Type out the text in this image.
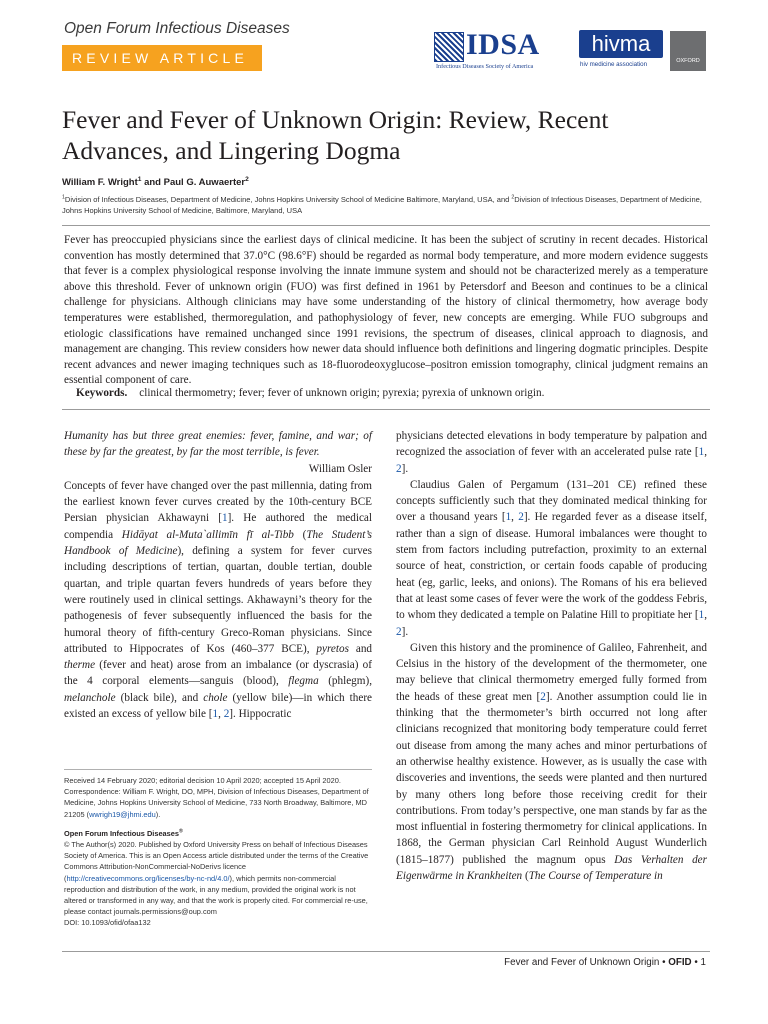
Open Forum Infectious Diseases
REVIEW ARTICLE	IDSA
Infectious Diseases Society of America
hivma
hiv medicine association	OXFORD
Fever and Fever of Unknown Origin: Review, Recent Advances, and Lingering Dogma
William F. Wright$^1$ and Paul G. Auwaerter$^2$
$^1$Division of Infectious Diseases, Department of Medicine, Johns Hopkins University School of Medicine Baltimore, Maryland, USA, and $^2$Division of Infectious Diseases, Department of Medicine, Johns Hopkins University School of Medicine, Baltimore, Maryland, USA
Fever has preoccupied physicians since the earliest days of clinical medicine. It has been the subject of scrutiny in recent decades. Historical convention has mostly determined that 37.0°C (98.6°F) should be regarded as normal body temperature, and more modern evidence suggests that fever is a complex physiological response involving the innate immune system and should not be characterized merely as a temperature above this threshold. Fever of unknown origin (FUO) was first defined in 1961 by Petersdorf and Beeson and continues to be a clinical challenge for physicians. Although clinicians may have some understanding of the history of clinical thermometry, how average body temperatures were established, thermoregulation, and pathophysiology of fever, new concepts are emerging. While FUO subgroups and etiologic classifications have remained unchanged since 1991 revisions, the spectrum of diseases, clinical approach to diagnosis, and management are changing. This review considers how newer data should influence both definitions and lingering dogmatic principles. Despite recent advances and newer imaging techniques such as 18-fluorodeoxyglucose–positron emission tomography, clinical judgment remains an essential component of care.
Keywords. clinical thermometry; fever; fever of unknown origin; pyrexia; pyrexia of unknown origin.

Humanity has but three great enemies: fever, famine, and war; of these by far the greatest, by far the most terrible, is fever.

William Osler

Concepts of fever have changed over the past millennia, dating from the earliest known fever curves created by the 10th-century BCE Persian physician Akhawayni [1]. He authored the medical compendia Hidāyat al-Muta`allimīn fī al-Tibb (The Student’s Handbook of Medicine), defining a system for fever curves including descriptions of tertian, quartan, double tertian, double quartan, and triple quartan fevers hundreds of years before they were routinely used in clinical settings. Akhawayni’s theory for the pathogenesis of fever subsequently influenced the basis for the humoral theory of fifth-century Greco-Roman physicians. Since attributed to Hippocrates of Kos (460–377 BCE), pyretos and therme (fever and heat) arose from an imbalance (or dyscrasia) of the 4 corporal elements—sanguis (blood), flegma (phlegm), melanchole (black bile), and chole (yellow bile)—in which there existed an excess of yellow bile [1, 2]. Hippocratic

Received 14 February 2020; editorial decision 10 April 2020; accepted 15 April 2020.
Correspondence: William F. Wright, DO, MPH, Division of Infectious Diseases, Department of Medicine, Johns Hopkins University School of Medicine, 733 North Broadway, Baltimore, MD 21205 (wwrigh19@jhmi.edu).
Open Forum Infectious Diseases®
© The Author(s) 2020. Published by Oxford University Press on behalf of Infectious Diseases Society of America. This is an Open Access article distributed under the terms of the Creative Commons Attribution-NonCommercial-NoDerivs licence (http://creativecommons.org/licenses/by-nc-nd/4.0/), which permits non-commercial reproduction and distribution of the work, in any medium, provided the original work is not altered or transformed in any way, and that the work is properly cited. For commercial re-use, please contact journals.permissions@oup.com
DOI: 10.1093/ofid/ofaa132

physicians detected elevations in body temperature by palpation and recognized the association of fever with an accelerated pulse rate [1, 2].

Claudius Galen of Pergamum (131–201 CE) refined these concepts sufficiently such that they dominated medical thinking for over a thousand years [1, 2]. He regarded fever as a disease itself, rather than a sign of disease. Humoral imbalances were thought to stem from factors including putrefaction, proximity to an external source of heat, constriction, or certain foods capable of producing heat (eg, garlic, leeks, and onions). The Romans of his era believed that at least some cases of fever were the work of the goddess Febris, to whom they dedicated a temple on Palatine Hill to propitiate her [1, 2].

Given this history and the prominence of Galileo, Fahrenheit, and Celsius in the history of the development of the thermometer, one may believe that clinical thermometry emerged fully formed from the heads of these great men [2]. Another assumption could lie in thinking that the thermometer’s birth occurred not long after clinicians recognized that monitoring body temperature could ferret out disease from among the many aches and minor perturbations of an otherwise healthy existence. However, as is usually the case with discoveries and inventions, the seeds were planted and then nurtured by many others long before those receiving credit for their contributions. From today’s perspective, one man stands by far as the most influential in fostering thermometry for clinical applications. In 1868, the German physician Carl Reinhold August Wunderlich (1815–1877) published the magnum opus Das Verhalten der Eigenwärme in Krankheiten (The Course of Temperature in

Fever and Fever of Unknown Origin • OFID • 1
